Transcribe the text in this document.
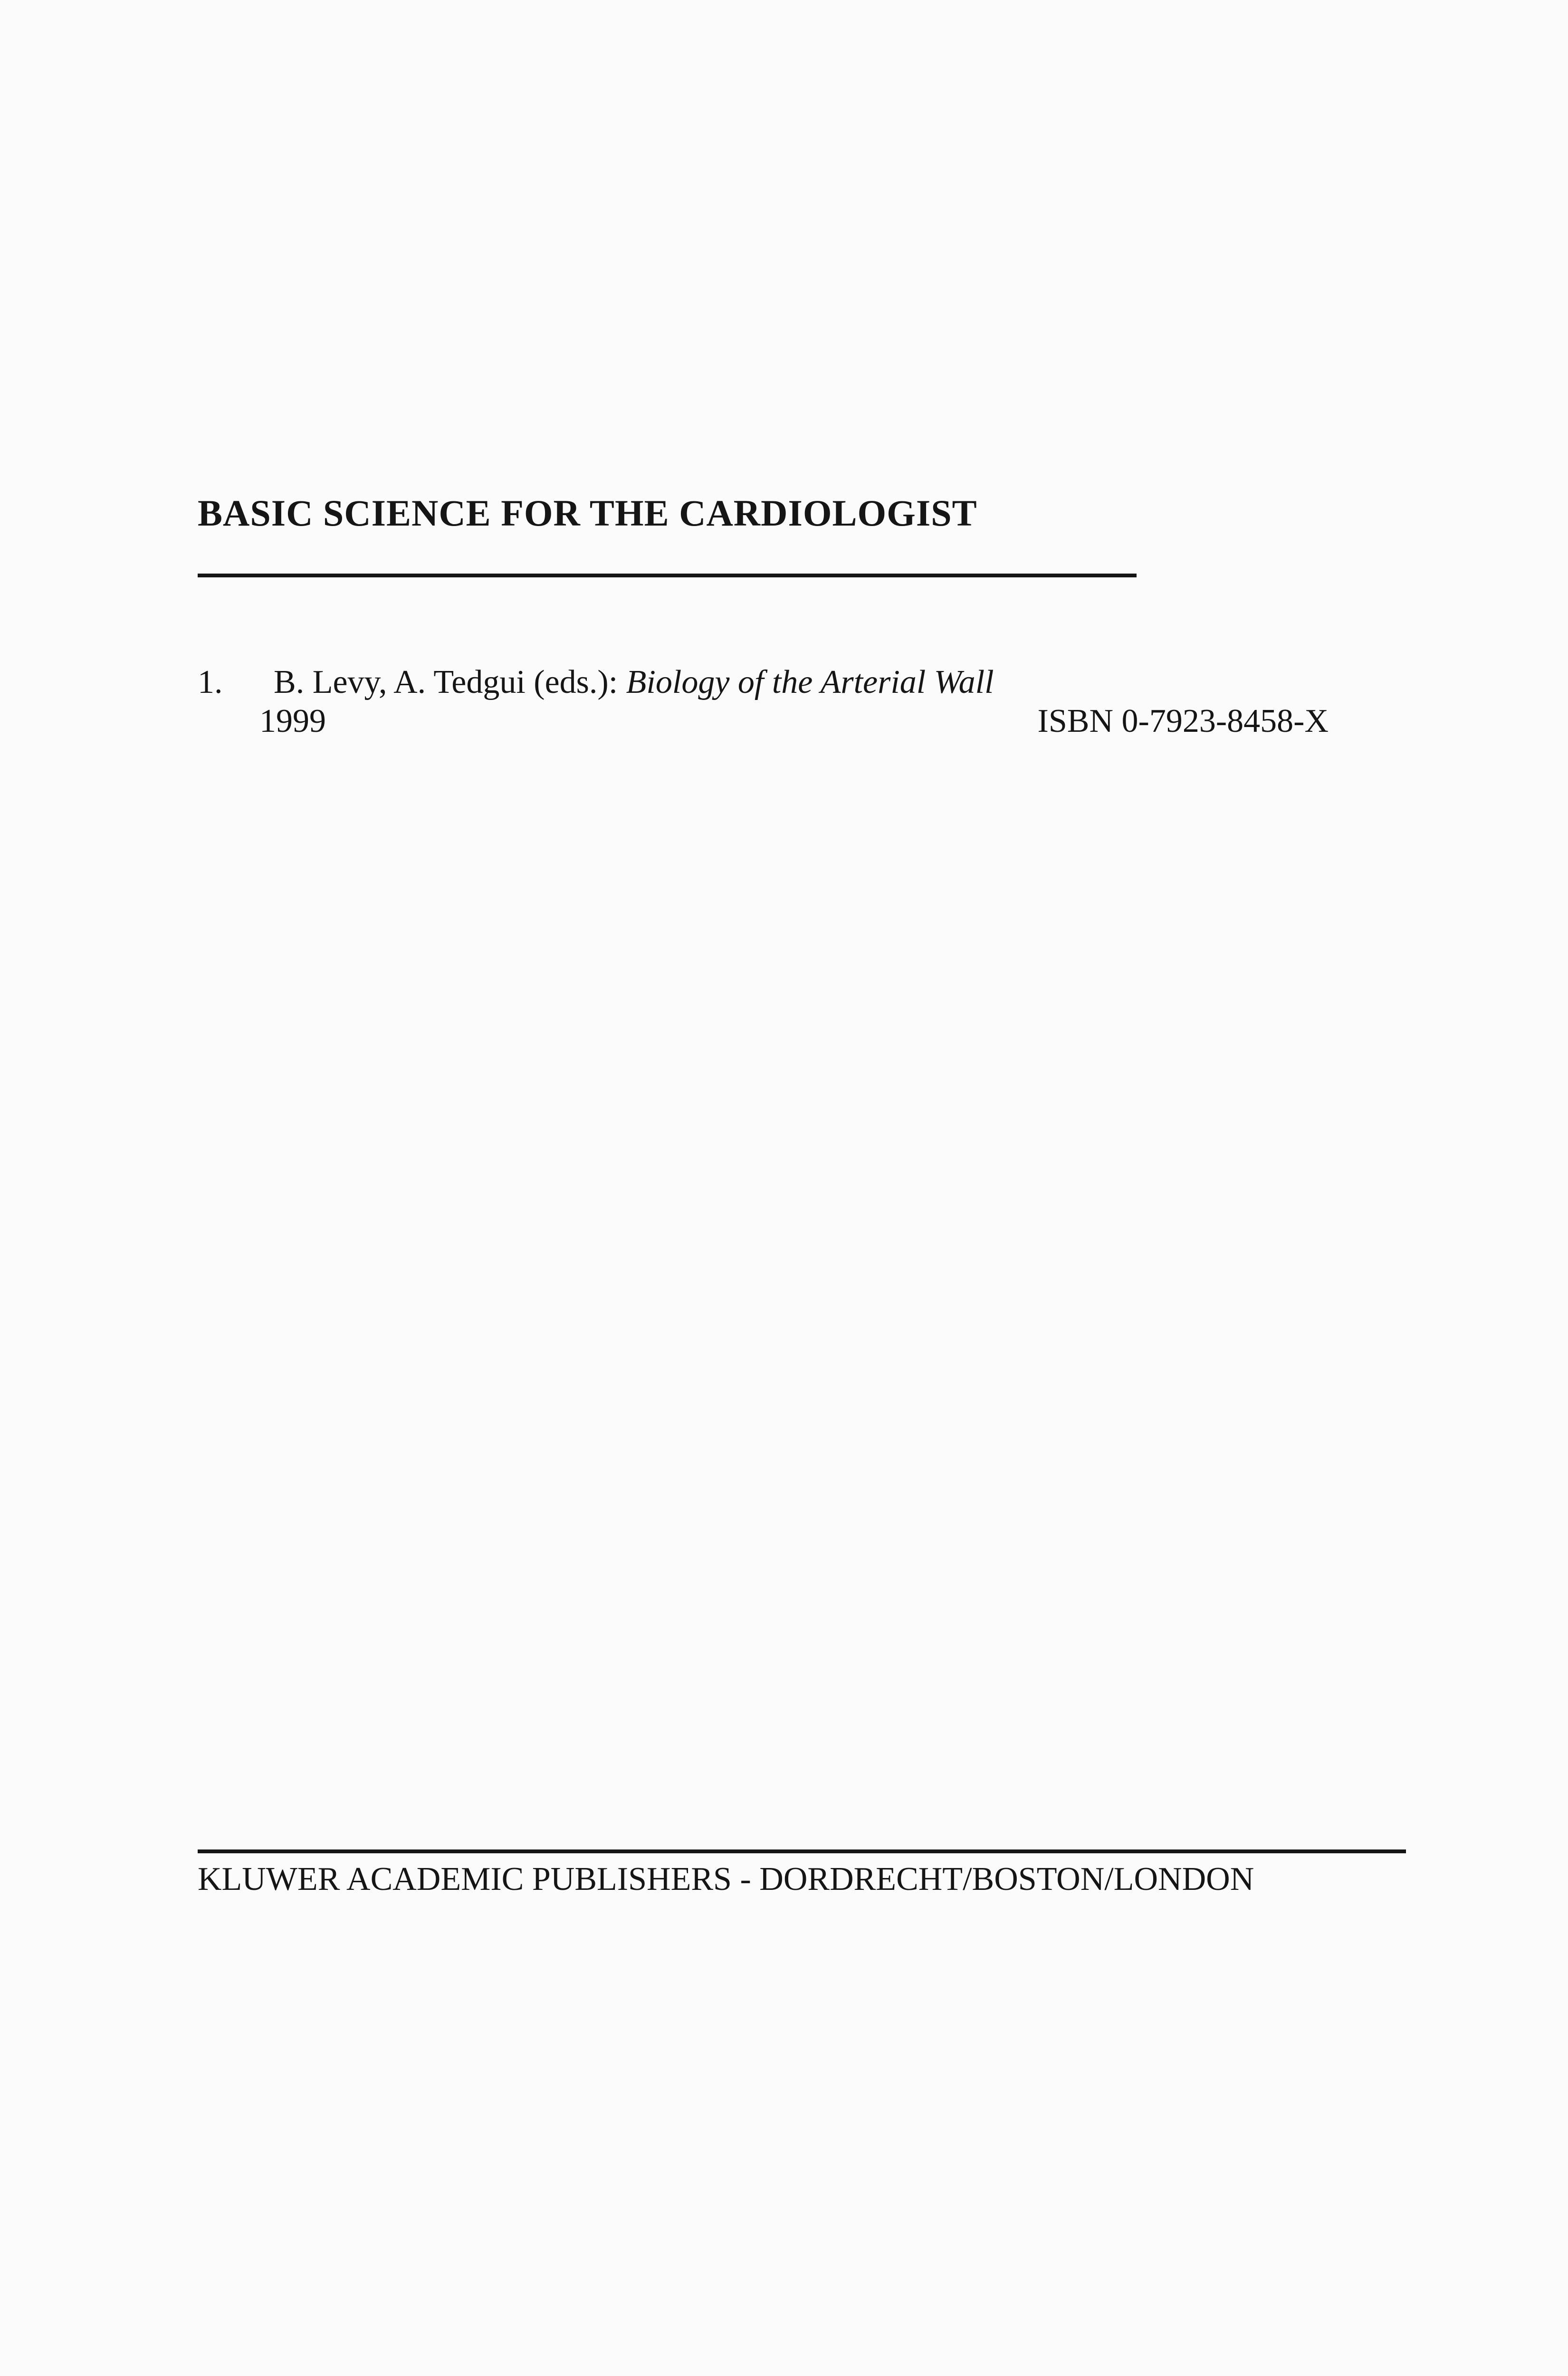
BASIC SCIENCE FOR THE CARDIOLOGIST
1. B. Levy, A. Tedgui (eds.): Biology of the Arterial Wall
1999	ISBN 0-7923-8458-X
KLUWER ACADEMIC PUBLISHERS - DORDRECHT/BOSTON/LONDON
